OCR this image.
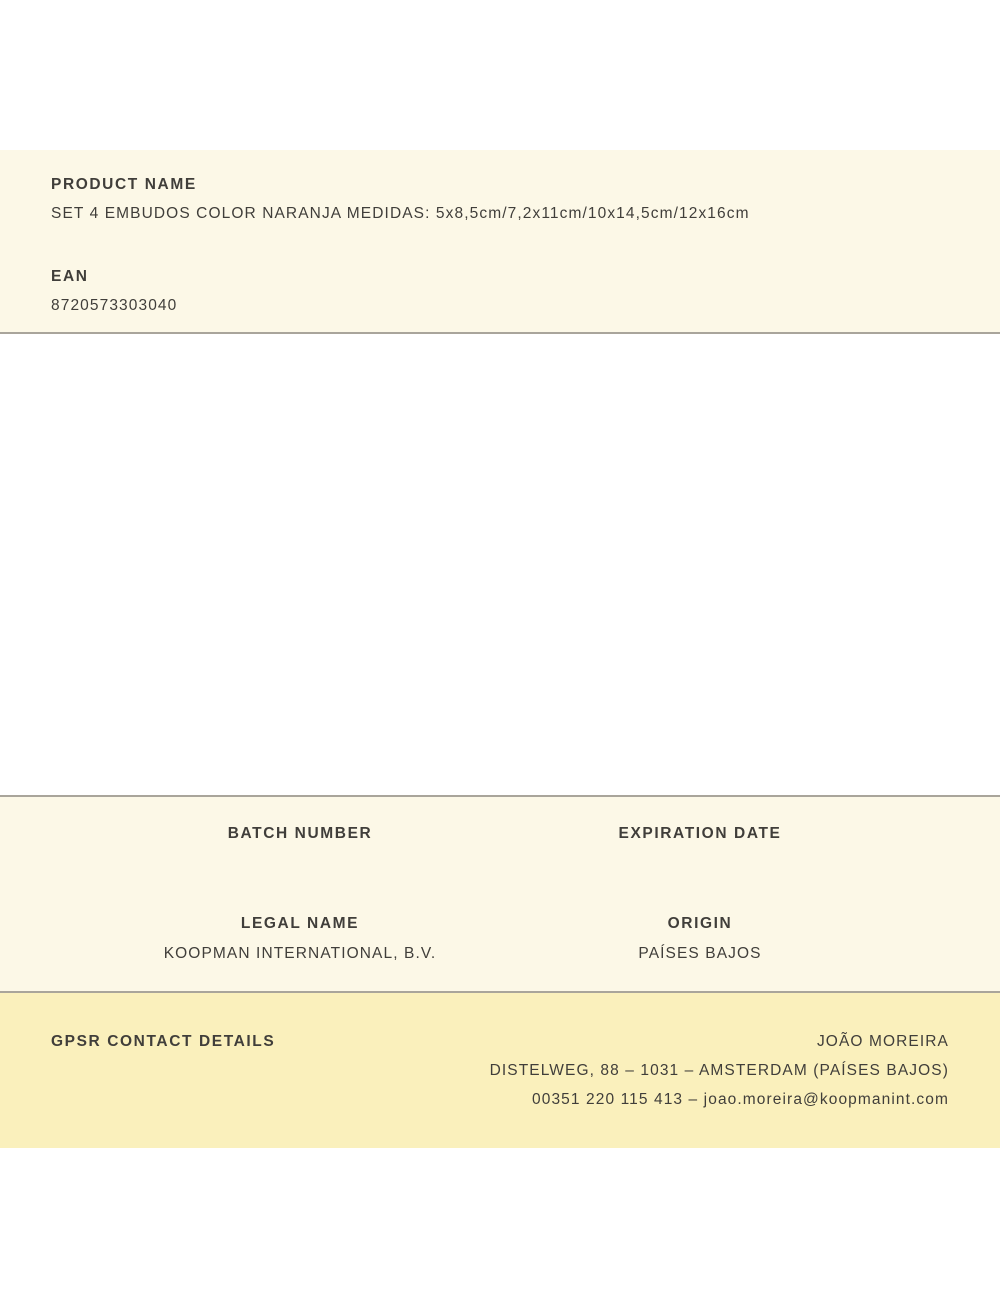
PRODUCT NAME
SET 4 EMBUDOS COLOR NARANJA MEDIDAS: 5x8,5cm/7,2x11cm/10x14,5cm/12x16cm
EAN
8720573303040
BATCH NUMBER	EXPIRATION DATE
LEGAL NAME
KOOPMAN INTERNATIONAL, B.V.
ORIGIN
PAÍSES BAJOS
GPSR CONTACT DETAILS	JOÃO MOREIRA
DISTELWEG, 88 – 1031 – AMSTERDAM (PAÍSES BAJOS)
00351 220 115 413 – joao.moreira@koopmanint.com
